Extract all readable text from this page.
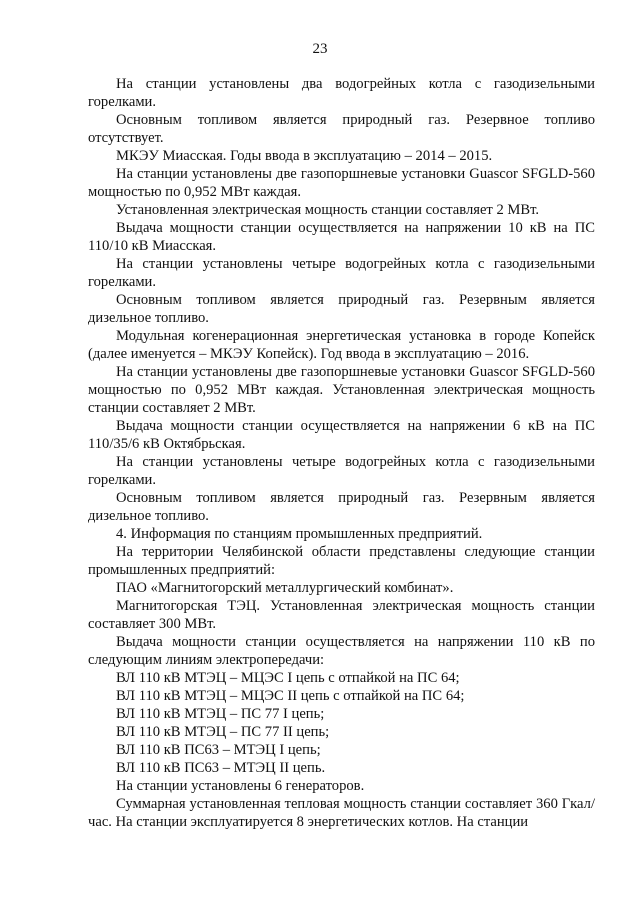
23

На станции установлены два водогрейных котла с газодизельными горелками.

Основным топливом является природный газ. Резервное топливо отсутствует.

МКЭУ Миасская. Годы ввода в эксплуатацию – 2014 – 2015.

На станции установлены две газопоршневые установки Guascor SFGLD-560 мощностью по 0,952 МВт каждая.

Установленная электрическая мощность станции составляет 2 МВт.

Выдача мощности станции осуществляется на напряжении 10 кВ на ПС 110/10 кВ Миасская.

На станции установлены четыре водогрейных котла с газодизельными горелками.

Основным топливом является природный газ. Резервным является дизельное топливо.

Модульная когенерационная энергетическая установка в городе Копейск (далее именуется – МКЭУ Копейск). Год ввода в эксплуатацию – 2016.

На станции установлены две газопоршневые установки Guascor SFGLD-560 мощностью по 0,952 МВт каждая. Установленная электрическая мощность станции составляет 2 МВт.

Выдача мощности станции осуществляется на напряжении 6 кВ на ПС 110/35/6 кВ Октябрьская.

На станции установлены четыре водогрейных котла с газодизельными горелками.

Основным топливом является природный газ. Резервным является дизельное топливо.

4. Информация по станциям промышленных предприятий.

На территории Челябинской области представлены следующие станции промышленных предприятий:

ПАО «Магнитогорский металлургический комбинат».

Магнитогорская ТЭЦ. Установленная электрическая мощность станции составляет 300 МВт.

Выдача мощности станции осуществляется на напряжении 110 кВ по следующим линиям электропередачи:

ВЛ 110 кВ МТЭЦ – МЦЭС I цепь с отпайкой на ПС 64;

ВЛ 110 кВ МТЭЦ – МЦЭС II цепь с отпайкой на ПС 64;

ВЛ 110 кВ МТЭЦ – ПС 77 I цепь;

ВЛ 110 кВ МТЭЦ – ПС 77 II цепь;

ВЛ 110 кВ ПС63 – МТЭЦ I цепь;

ВЛ 110 кВ ПС63 – МТЭЦ II цепь.

На станции установлены 6 генераторов.

Суммарная установленная тепловая мощность станции составляет 360 Гкал/час. На станции эксплуатируется 8 энергетических котлов. На станции
